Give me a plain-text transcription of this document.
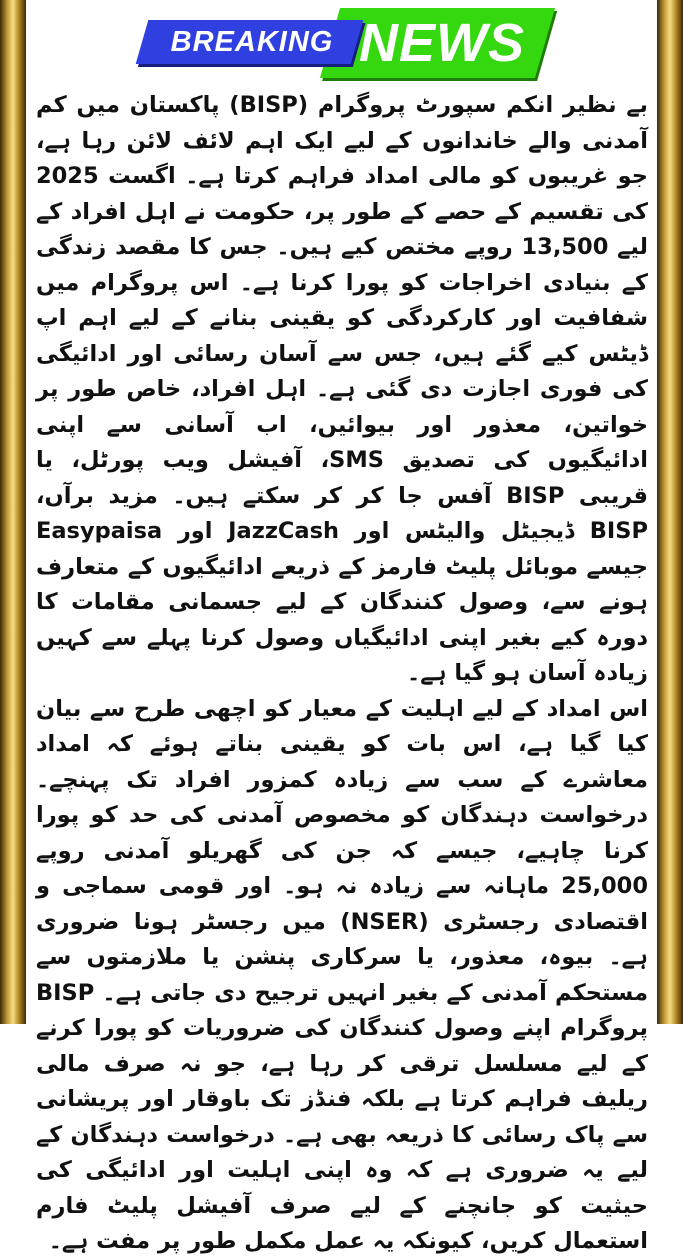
BREAKING NEWS

بے نظیر انکم سپورٹ پروگرام (BISP) پاکستان میں کم آمدنی والے خاندانوں کے لیے ایک اہم لائف لائن رہا ہے، جو غریبوں کو مالی امداد فراہم کرتا ہے۔ اگست 2025 کی تقسیم کے حصے کے طور پر، حکومت نے اہل افراد کے لیے 13,500 روپے مختص کیے ہیں۔ جس کا مقصد زندگی کے بنیادی اخراجات کو پورا کرنا ہے۔ اس پروگرام میں شفافیت اور کارکردگی کو یقینی بنانے کے لیے اہم اپ ڈیٹس کیے گئے ہیں، جس سے آسان رسائی اور ادائیگی کی فوری اجازت دی گئی ہے۔ اہل افراد، خاص طور پر خواتین، معذور اور بیوائیں، اب آسانی سے اپنی ادائیگیوں کی تصدیق SMS، آفیشل ویب پورٹل، یا قریبی BISP آفس جا کر کر سکتے ہیں۔ مزید برآں، BISP ڈیجیٹل والیٹس اور JazzCash اور Easypaisa جیسے موبائل پلیٹ فارمز کے ذریعے ادائیگیوں کے متعارف ہونے سے، وصول کنندگان کے لیے جسمانی مقامات کا دورہ کیے بغیر اپنی ادائیگیاں وصول کرنا پہلے سے کہیں زیادہ آسان ہو گیا ہے۔

اس امداد کے لیے اہلیت کے معیار کو اچھی طرح سے بیان کیا گیا ہے، اس بات کو یقینی بناتے ہوئے کہ امداد معاشرے کے سب سے زیادہ کمزور افراد تک پہنچے۔ درخواست دہندگان کو مخصوص آمدنی کی حد کو پورا کرنا چاہیے، جیسے کہ جن کی گھریلو آمدنی روپے 25,000 ماہانہ سے زیادہ نہ ہو۔ اور قومی سماجی و اقتصادی رجسٹری (NSER) میں رجسٹر ہونا ضروری ہے۔ بیوہ، معذور، یا سرکاری پنشن یا ملازمتوں سے مستحکم آمدنی کے بغیر انہیں ترجیح دی جاتی ہے۔ BISP پروگرام اپنے وصول کنندگان کی ضروریات کو پورا کرنے کے لیے مسلسل ترقی کر رہا ہے، جو نہ صرف مالی ریلیف فراہم کرتا ہے بلکہ فنڈز تک باوقار اور پریشانی سے پاک رسائی کا ذریعہ بھی ہے۔ درخواست دہندگان کے لیے یہ ضروری ہے کہ وہ اپنی اہلیت اور ادائیگی کی حیثیت کو جانچنے کے لیے صرف آفیشل پلیٹ فارم استعمال کریں، کیونکہ یہ عمل مکمل طور پر مفت ہے۔
